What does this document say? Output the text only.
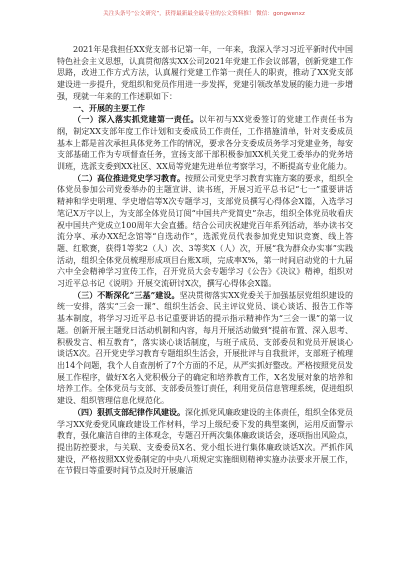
关注头条号“公文研究”，获得最新最全最专业的公文资料推！ 微信：gongwenxz

2021年是我担任XX党支部书记第一年，一年来，我深入学习习近平新时代中国特色社会主义思想，认真贯彻落实XX公司2021年党建工作会议部署，创新党建工作思路，改进工作方式方法，认真履行党建工作第一责任人的职责，推动了XX党支部建设进一步提升，党组织和党员作用进一步发挥，党建引领改革发展的能力进一步增强，现就一年来的工作述职如下：

一、开展的主要工作

（一）深入落实抓党建第一责任。以年初与XX党委签订的党建工作责任书为纲，制定XX支部年度工作计划和支委成员工作责任，工作措施清单，针对支委成员基本上都是首次承担具体党务工作的情况，要求各分支委成员务学习党建业务，每安支部基础工作为专项督查任务，宣扬支部干部积极参加XX机关党工委举办的党务培训班，选派支委到XX社区、XX局等党建先进单位考察学习，不断提高专业化能力。

（二）高位推进党史学习教育。按照公司党史学习教育实施方案的要求，组织全体党员参加公司党委举办的主题宣讲、读书班，开展习近平总书记“七一”重要讲话精神和学史明理、学史增信等X次专题学习，支部党员撰写心得体会X篇，入选学习笔记X万字以上，为支部全体党员订阅“中国共产党简史”杂志，组织全体党员收看庆祝中国共产党成立100周年大会直播。结合公司庆祝建党百年系列活动，举办读书交流分享、承办XX纪念馆等“自选动作”，选派党员代表参加党史知识竞赛、线上答题、红歌赛，获得1等奖2（人）次、3等奖X（人）次，开展“我为群众办实事”实践活动，组织全体党员梳理形成项目台账X项，完成率X%，第一时间启动党的十九届六中全会精神学习宣传工作，召开党员大会专题学习《公告》《决议》精神，组织对习近平总书记《说明》开展交流研讨X次，撰写心得体会X篇。

（三）不断深化“三基”建设。坚决贯彻落实XX党委关于加强基层党组织建设的统一安排，落实“三会一课”、组织生活会、民主评议党员、谈心谈话、报告工作等基本制度，将学习习近平总书记重要讲话的提示指示精神作为“三会一课”的第一议题。创新开展主题党日活动机制和内容，每月开展活动做到“提前布置、深入思考、积极发言、相互教育”，落实谈心谈话制度，与班子成员、支部委员和党员开展谈心谈话X次。召开党史学习教育专题组织生活会，开展批评与自我批评，支部班子梳理出14个问题，我个人自查剖析了7个方面的不足，从严实抓好整改。严格按照党员发展工作程序，做好X名入党积极分子的确定和培养教育工作，X名发展对象的培养和培养工作。全体党员与支部、支部委员签订责任，利用党员信息管理系统，促进组织建设、组织管理信息化规范化。

（四）狠抓支部纪律作风建设。深化抓党风廉政建设的主体责任，组织全体党员学习XX党委党风廉政建设工作材料，学习上级纪委下发的典型案例，运用反面警示教育，强化廉洁自律的主体观念，专题召开两次集体廉政谈话会，逐项指出风险点，提出防控要求，与关联、支委委员X名、党小组长进行集体廉政谈话X次。严抓作风建设，严格按照XX党委制定的中央八项规定实施细则精神实施办法要求开展工作，在节假日等重要时间节点及时开展廉洁
